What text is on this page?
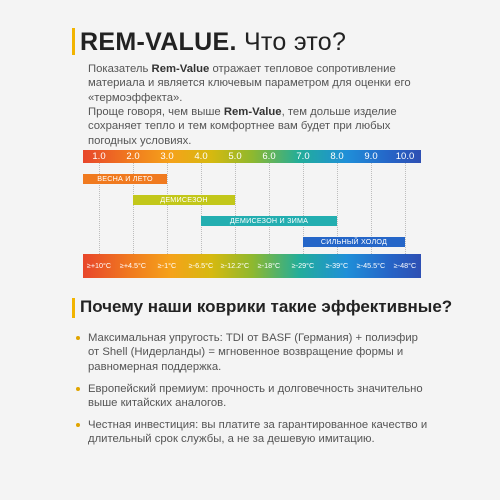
REM-VALUE. Что это?

Показатель Rem-Value отражает тепловое сопротивление материала и является ключевым параметром для оценки его «термоэффекта».

Проще говоря, чем выше Rem-Value, тем дольше изделие сохраняет тепло и тем комфортнее вам будет при любых погодных условиях.

1.0 2.0 3.0 4.0 5.0 6.0 7.0 8.0 9.0 10.0
≥+10°C ≥+4.5°C ≥-1°C ≥-6.5°C ≥-12.2°C ≥-18°C ≥-29°C ≥-39°C ≥-45.5°C ≥-48°C
ВЕСНА И ЛЕТО
ДЕМИСЕЗОН
ДЕМИСЕЗОН И ЗИМА
СИЛЬНЫЙ ХОЛОД
Почему наши коврики такие эффективные?
Максимальная упругость: TDI от BASF (Германия) + полиэфир от Shell (Нидерланды) = мгновенное возвращение формы и равномерная поддержка.
Европейский премиум: прочность и долговечность значительно выше китайских аналогов.
Честная инвестиция: вы платите за гарантированное качество и длительный срок службы, а не за дешевую имитацию.
